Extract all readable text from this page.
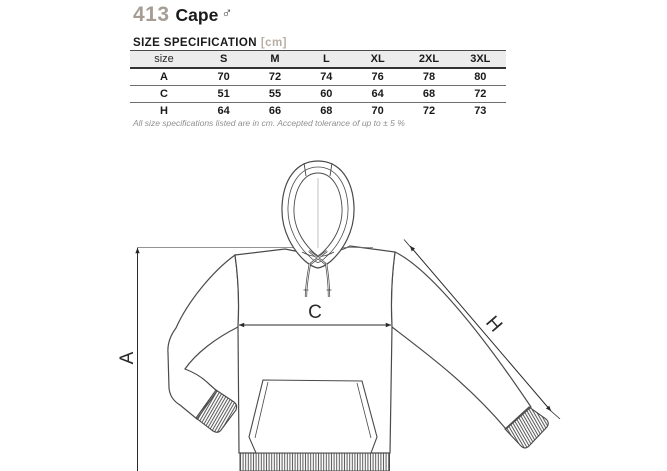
413 Cape ♂
SIZE SPECIFICATION [cm]
size	S	M	L	XL	2XL	3XL
A	70	72	74	76	78	80
C	51	55	60	64	68	72
H	64	66	68	70	72	73
All size specifications listed are in cm. Accepted tolerance of up to ± 5 %
A
C	H
